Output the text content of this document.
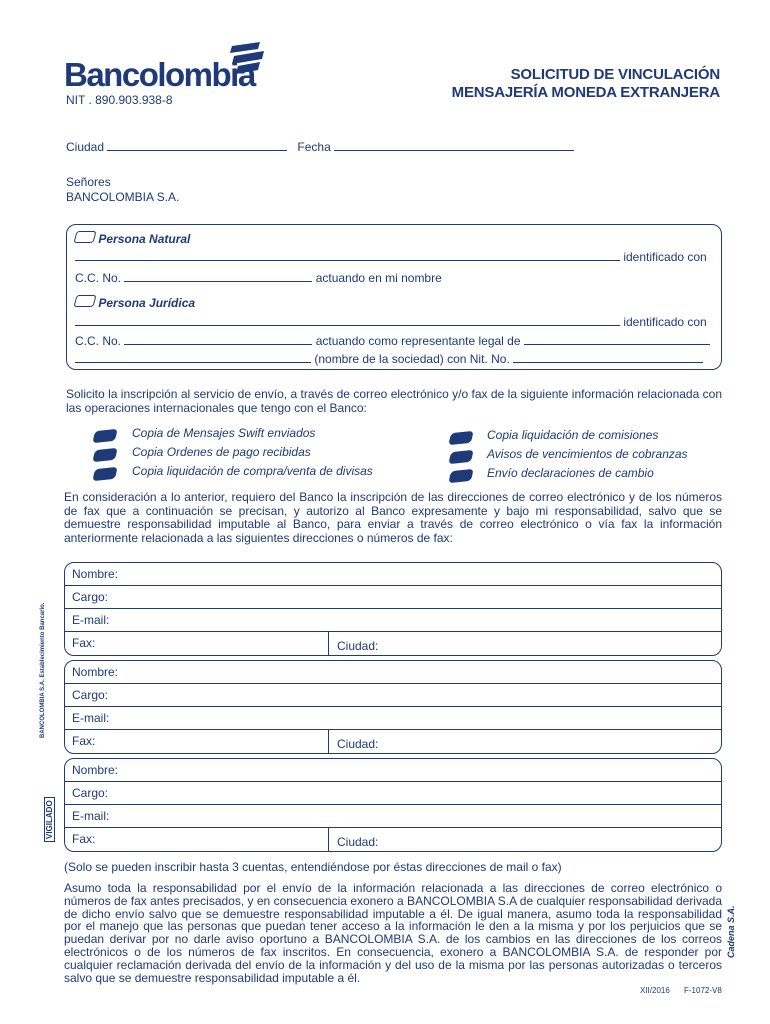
Bancolombia
NIT . 890.903.938-8
SOLICITUD DE VINCULACIÓN
MENSAJERÍA MONEDA EXTRANJERA
Ciudad	Fecha
Señores
BANCOLOMBIA S.A.
Persona Natural
identificado con
C.C. No.	actuando en mi nombre
Persona Jurídica
identificado con
C.C. No.	actuando como representante legal de
(nombre de la sociedad) con Nit. No.
Solicito la inscripción al servicio de envío, a través de correo electrónico y/o fax de la siguiente información relacionada con las operaciones internacionales que tengo con el Banco:
Copia de Mensajes Swift enviados
Copia Ordenes de pago recibidas
Copia liquidación de compra/venta de divisas
Copia liquidación de comisiones
Avisos de vencimientos de cobranzas
Envío declaraciones de cambio
En consideración a lo anterior, requiero del Banco la inscripción de las direcciones de correo electrónico y de los números de fax que a continuación se precisan, y autorizo al Banco expresamente y bajo mi responsabilidad, salvo que se demuestre responsabilidad imputable al Banco, para enviar a través de correo electrónico o vía fax la información anteriormente relacionada a las siguientes direcciones o números de fax:
Nombre:
Cargo:
E-mail:
Fax:	Ciudad:
Nombre:
Cargo:
E-mail:
Fax:	Ciudad:
Nombre:
Cargo:
E-mail:
Fax:	Ciudad:
BANCOLOMBIA S.A. Establecimiento Bancario.
VIGILADO
(Solo se pueden inscribir hasta 3 cuentas, entendiéndose por éstas direcciones de mail o fax)
Asumo toda la responsabilidad por el envío de la información relacionada a las direcciones de correo electrónico o números de fax antes precisados, y en consecuencia exonero a BANCOLOMBIA S.A de cualquier responsabilidad derivada de dicho envío salvo que se demuestre responsabilidad imputable a él. De igual manera, asumo toda la responsabilidad por el manejo que las personas que puedan tener acceso a la información le den a la misma y por los perjuicios que se puedan derivar por no darle aviso oportuno a BANCOLOMBIA S.A. de los cambios en las direcciones de los correos electrónicos o de los números de fax inscritos. En consecuencia, exonero a BANCOLOMBIA S.A. de responder por cualquier reclamación derivada del envío de la información y del uso de la misma por las personas autorizadas o terceros salvo que se demuestre responsabilidad imputable a él.
XII/2016 F-1072-V8
Cadena S.A.
